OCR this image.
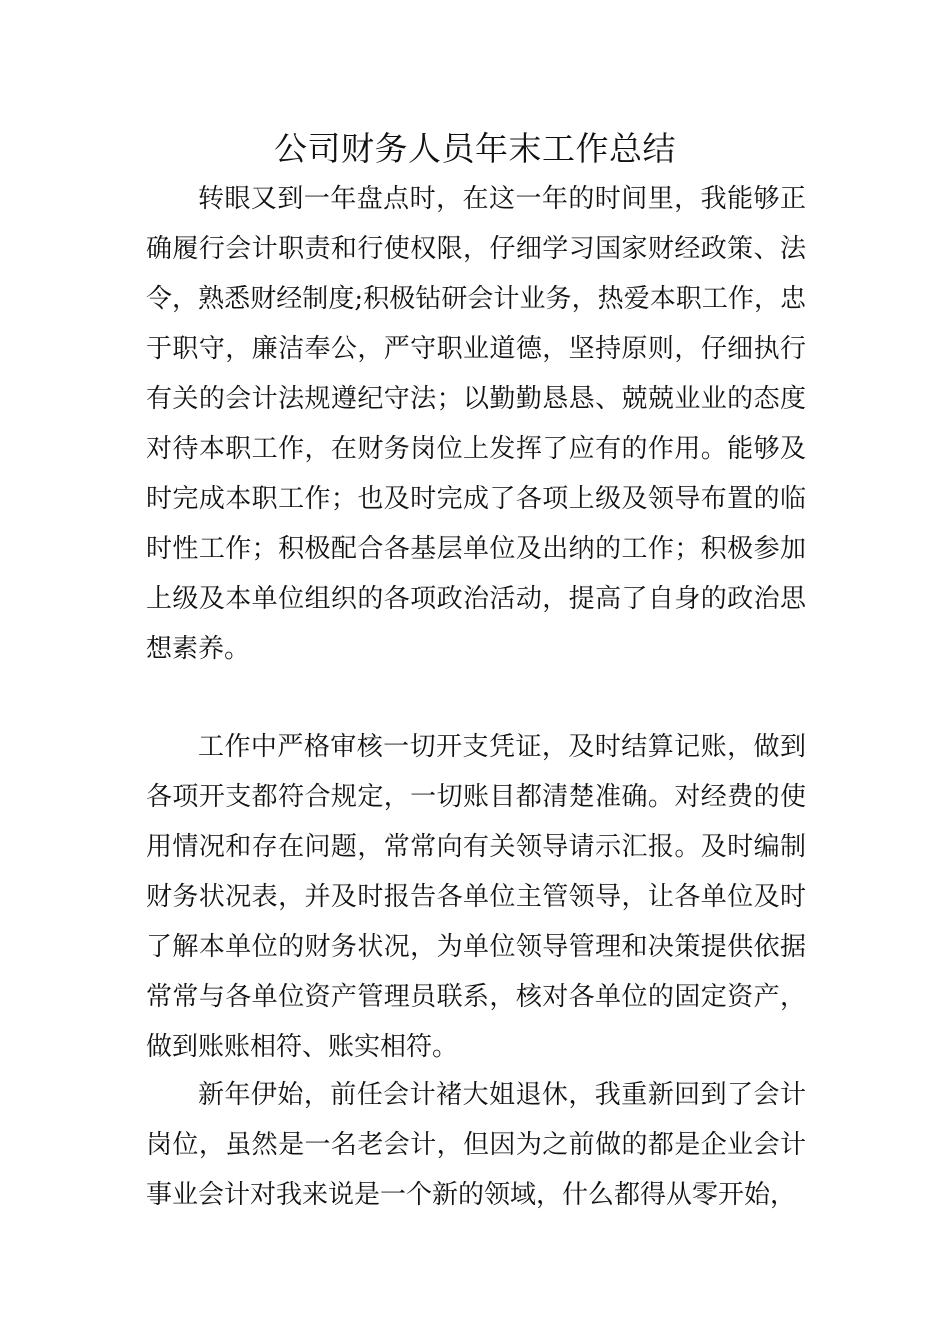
公司财务人员年末工作总结

转眼又到一年盘点时，在这一年的时间里，我能够正确履行会计职责和行使权限，仔细学习国家财经政策、法令，熟悉财经制度;积极钻研会计业务，热爱本职工作，忠于职守，廉洁奉公，严守职业道德，坚持原则，仔细执行有关的会计法规遵纪守法；以勤勤恳恳、兢兢业业的态度对待本职工作，在财务岗位上发挥了应有的作用。能够及时完成本职工作；也及时完成了各项上级及领导布置的临时性工作；积极配合各基层单位及出纳的工作；积极参加上级及本单位组织的各项政治活动，提高了自身的政治思想素养。

工作中严格审核一切开支凭证，及时结算记账，做到各项开支都符合规定，一切账目都清楚准确。对经费的使用情况和存在问题，常常向有关领导请示汇报。及时编制财务状况表，并及时报告各单位主管领导，让各单位及时了解本单位的财务状况，为单位领导管理和决策提供依据常常与各单位资产管理员联系，核对各单位的固定资产，做到账账相符、账实相符。

新年伊始，前任会计褚大姐退休，我重新回到了会计岗位，虽然是一名老会计，但因为之前做的都是企业会计事业会计对我来说是一个新的领域，什么都得从零开始，
